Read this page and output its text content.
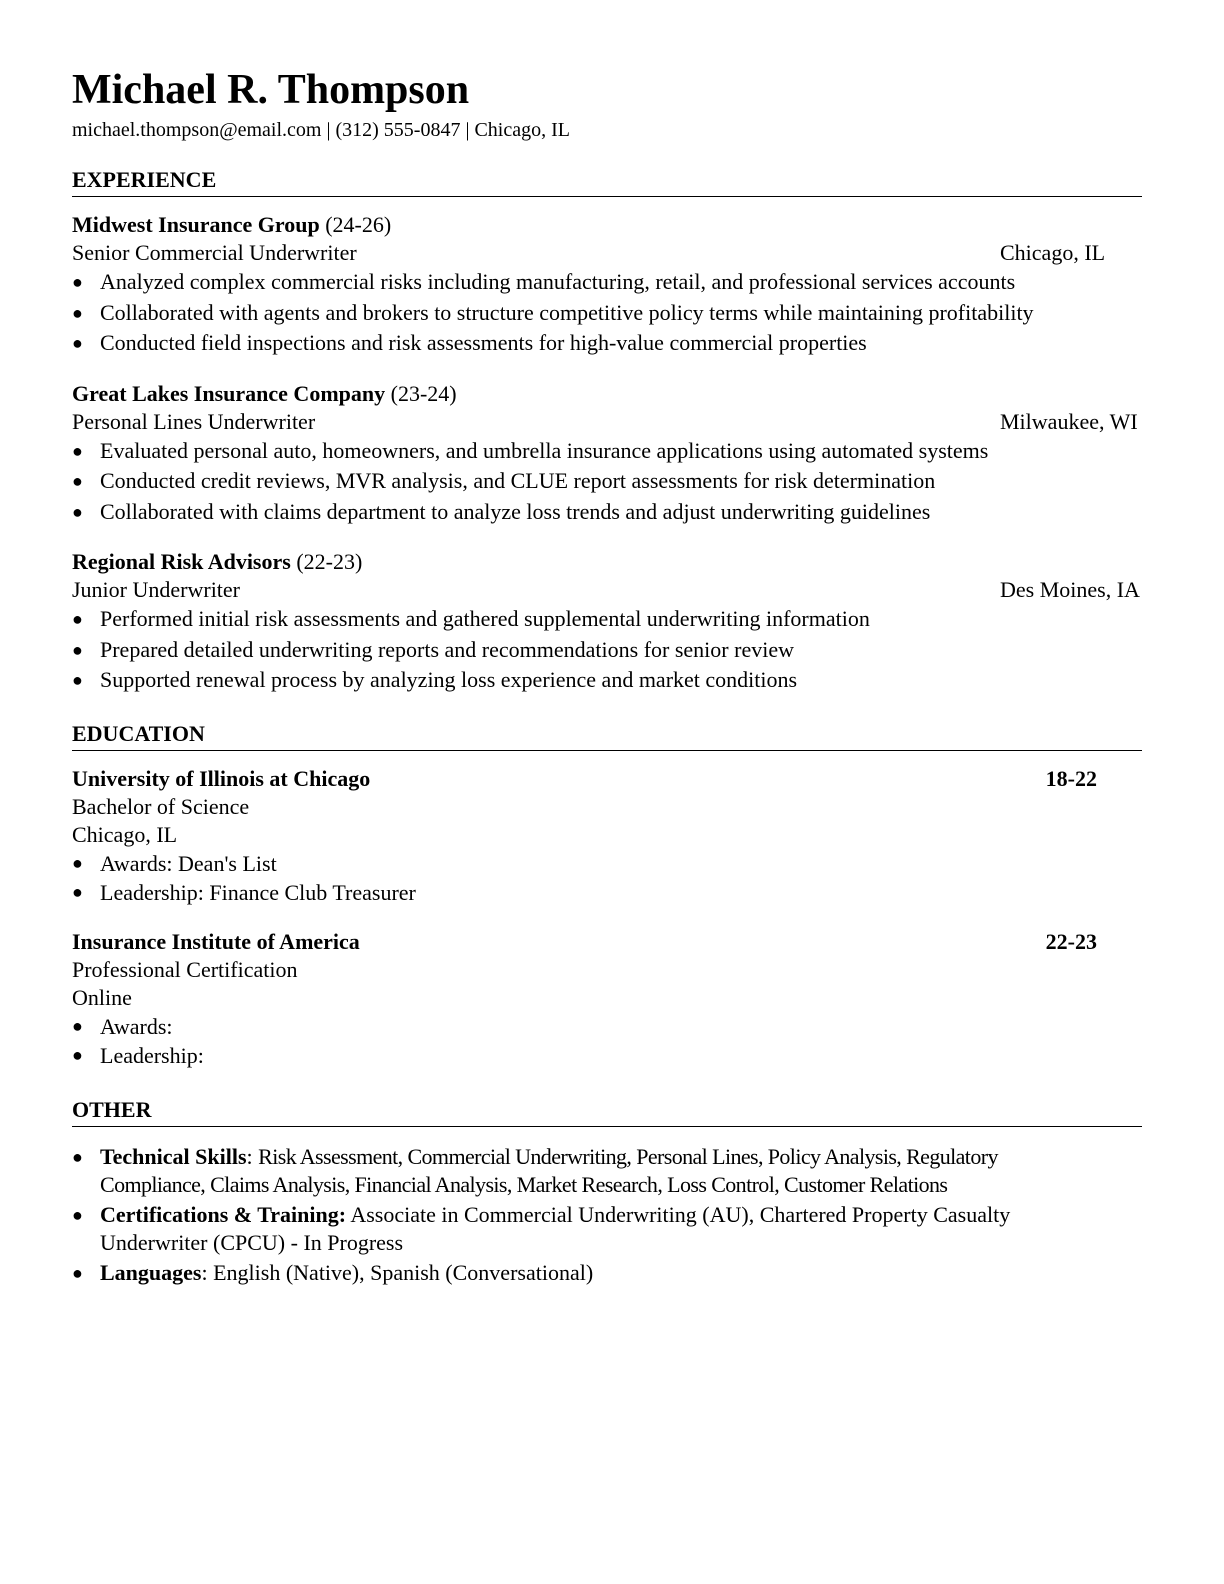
Michael R. Thompson
michael.thompson@email.com | (312) 555-0847 | Chicago, IL
EXPERIENCE
Midwest Insurance Group (24-26)
Senior Commercial Underwriter	Chicago, IL
● Analyzed complex commercial risks including manufacturing, retail, and professional services accounts
● Collaborated with agents and brokers to structure competitive policy terms while maintaining profitability
● Conducted field inspections and risk assessments for high-value commercial properties
Great Lakes Insurance Company (23-24)
Personal Lines Underwriter	Milwaukee, WI
● Evaluated personal auto, homeowners, and umbrella insurance applications using automated systems
● Conducted credit reviews, MVR analysis, and CLUE report assessments for risk determination
● Collaborated with claims department to analyze loss trends and adjust underwriting guidelines
Regional Risk Advisors (22-23)
Junior Underwriter	Des Moines, IA
● Performed initial risk assessments and gathered supplemental underwriting information
● Prepared detailed underwriting reports and recommendations for senior review
● Supported renewal process by analyzing loss experience and market conditions
EDUCATION
University of Illinois at Chicago	18-22
Bachelor of Science
Chicago, IL
● Awards: Dean's List
● Leadership: Finance Club Treasurer
Insurance Institute of America	22-23
Professional Certification
Online
● Awards:
● Leadership:
OTHER
● Technical Skills: Risk Assessment, Commercial Underwriting, Personal Lines, Policy Analysis, Regulatory Compliance, Claims Analysis, Financial Analysis, Market Research, Loss Control, Customer Relations
● Certifications & Training: Associate in Commercial Underwriting (AU), Chartered Property Casualty Underwriter (CPCU) - In Progress
● Languages: English (Native), Spanish (Conversational)
